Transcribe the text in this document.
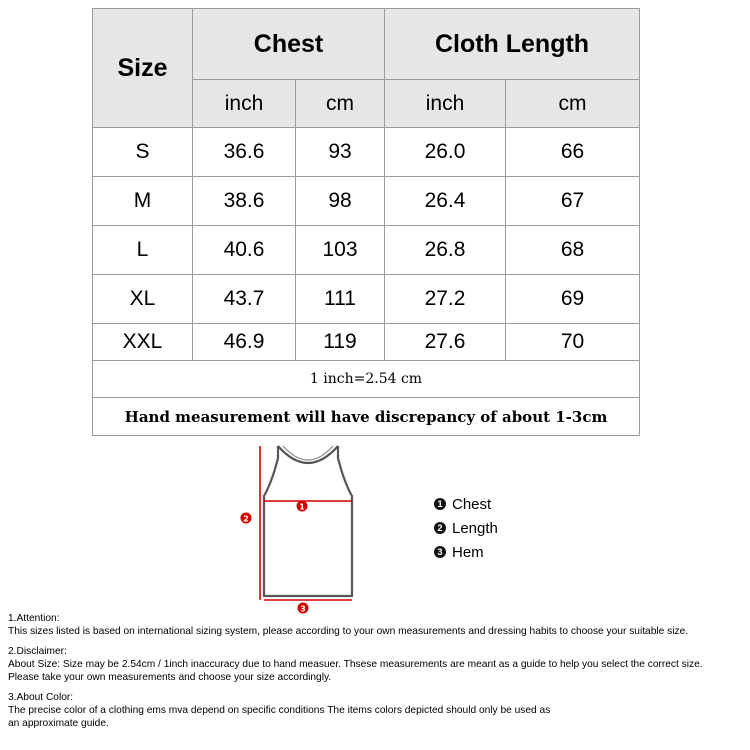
Size	Chest		Cloth Length	
	inch	cm	inch	cm
S	36.6	93	26.0	66
M	38.6	98	26.4	67
L	40.6	103	26.8	68
XL	43.7	111	27.2	69
XXL	46.9	119	27.6	70
1 inch=2.54 cm				
Hand measurement will have discrepancy of about 1-3cm				
1
2
3
1 Chest
2 Length
3 Hem

1.Attention:

This sizes listed is based on international sizing system, please according to your own measurements and dressing habits to choose your suitable size.

2.Disclaimer:

About Size: Size may be 2.54cm / 1inch inaccuracy due to hand measuer. Thsese measurements are meant as a guide to help you select the correct size.

Please take your own measurements and choose your size accordingly.

3.About Color:

The precise color of a clothing ems mva depend on specific conditions The items colors depicted should only be used as

an approximate guide.
